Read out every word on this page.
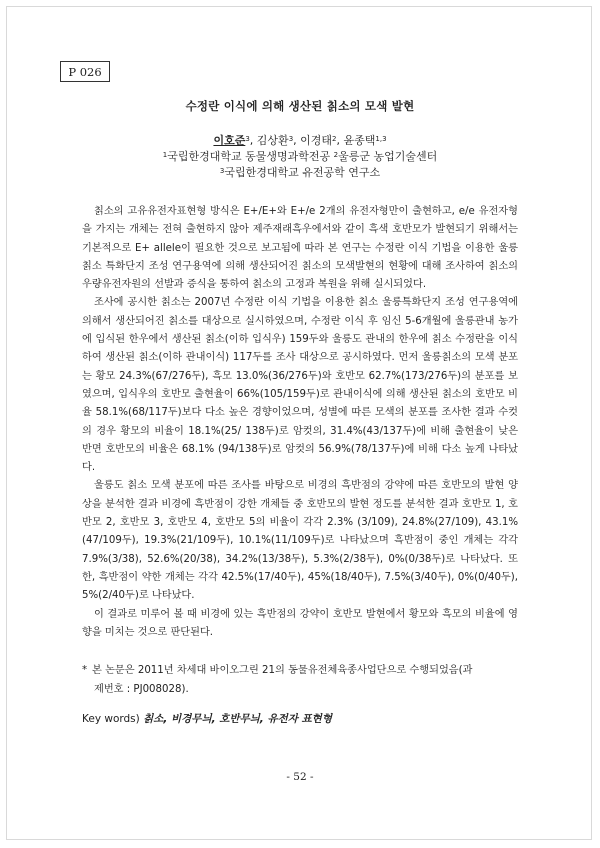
P 026
수정란 이식에 의해 생산된 칡소의 모색 발현
이호준$^3$, 김상환$^3$, 이경태$^2$, 윤종택$^{1,3}$
$^1$국립한경대학교 동물생명과학전공 $^2$울릉군 농업기술센터
$^3$국립한경대학교 유전공학 연구소

칡소의 고유유전자표현형 방식은 E+/E+와 E+/e 2개의 유전자형만이 출현하고, e/e 유전자형을 가지는 개체는 전혀 출현하지 않아 제주재래흑우에서와 같이 흑색 호반모가 발현되기 위해서는 기본적으로 E+ allele이 필요한 것으로 보고됨에 따라 본 연구는 수정란 이식 기법을 이용한 울릉칡소 특화단지 조성 연구용역에 의해 생산되어진 칡소의 모색발현의 현황에 대해 조사하여 칡소의 우량유전자원의 선발과 증식을 통하여 칡소의 고정과 복원을 위해 실시되었다.

조사에 공시한 칡소는 2007년 수정란 이식 기법을 이용한 칡소 울릉특화단지 조성 연구용역에 의해서 생산되어진 칡소를 대상으로 실시하였으며, 수정란 이식 후 임신 5-6개월에 울릉관내 농가에 입식된 한우에서 생산된 칡소(이하 입식우) 159두와 울릉도 관내의 한우에 칡소 수정란을 이식하여 생산된 칡소(이하 관내이식) 117두를 조사 대상으로 공시하였다. 먼저 울릉칡소의 모색 분포는 황모 24.3%(67/276두), 흑모 13.0%(36/276두)와 호반모 62.7%(173/276두)의 분포를 보였으며, 입식우의 호반모 출현율이 66%(105/159두)로 관내이식에 의해 생산된 칡소의 호반모 비율 58.1%(68/117두)보다 다소 높은 경향이었으며, 성별에 따른 모색의 분포를 조사한 결과 수컷의 경우 황모의 비율이 18.1%(25/ 138두)로 암컷의, 31.4%(43/137두)에 비해 출현율이 낮은 반면 호반모의 비율은 68.1% (94/138두)로 암컷의 56.9%(78/137두)에 비해 다소 높게 나타났다.

울릉도 칡소 모색 분포에 따른 조사를 바탕으로 비경의 흑반점의 강약에 따른 호반모의 발현 양상을 분석한 결과 비경에 흑반점이 강한 개체들 중 호반모의 발현 정도를 분석한 결과 호반모 1, 호반모 2, 호반모 3, 호반모 4, 호반모 5의 비율이 각각 2.3% (3/109), 24.8%(27/109), 43.1%(47/109두), 19.3%(21/109두), 10.1%(11/109두)로 나타났으며 흑반점이 중인 개체는 각각 7.9%(3/38), 52.6%(20/38), 34.2%(13/38두), 5.3%(2/38두), 0%(0/38두)로 나타났다. 또한, 흑반점이 약한 개체는 각각 42.5%(17/40두), 45%(18/40두), 7.5%(3/40두), 0%(0/40두), 5%(2/40두)로 나타났다.

이 결과로 미루어 볼 때 비경에 있는 흑반점의 강약이 호반모 발현에서 황모와 흑모의 비율에 영향을 미치는 것으로 판단된다.

* 본 논문은 2011년 차세대 바이오그린 21의 동물유전체육종사업단으로 수행되었음(과
제번호 : PJ008028).
Key words) 칡소, 비경무늬, 호반무늬, 유전자 표현형
- 52 -
